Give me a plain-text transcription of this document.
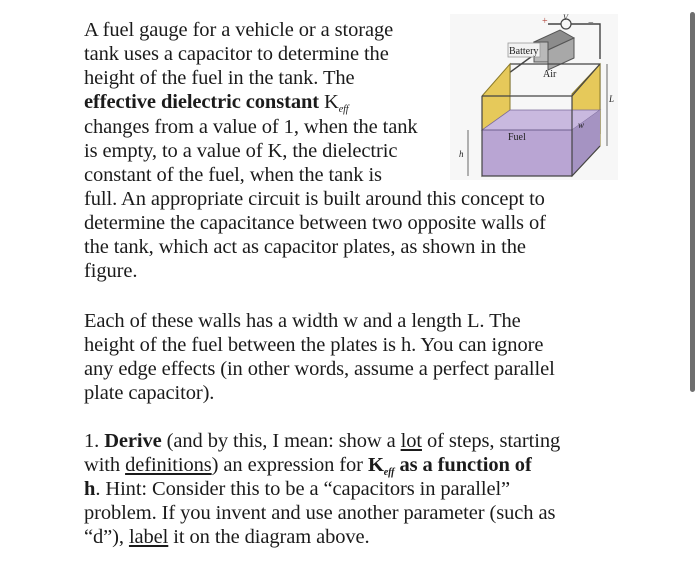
A fuel gauge for a vehicle or a storage
tank uses a capacitor to determine the
height of the fuel in the tank. The
effective dielectric constant Keff
changes from a value of 1, when the tank
is empty, to a value of K, the dielectric
constant of the fuel, when the tank is
full. An appropriate circuit is built around this concept to
determine the capacitance between two opposite walls of
the tank, which act as capacitor plates, as shown in the
figure.
Each of these walls has a width w and a length L. The
height of the fuel between the plates is h. You can ignore
any edge effects (in other words, assume a perfect parallel
plate capacitor).
1. Derive (and by this, I mean: show a lot of steps, starting
with definitions) an expression for Keff as a function of
h. Hint: Consider this to be a “capacitors in parallel”
problem. If you invent and use another parameter (such as
“d”), label it on the diagram above.
V
+	−
Battery
Fuel
Air
h
L
w
